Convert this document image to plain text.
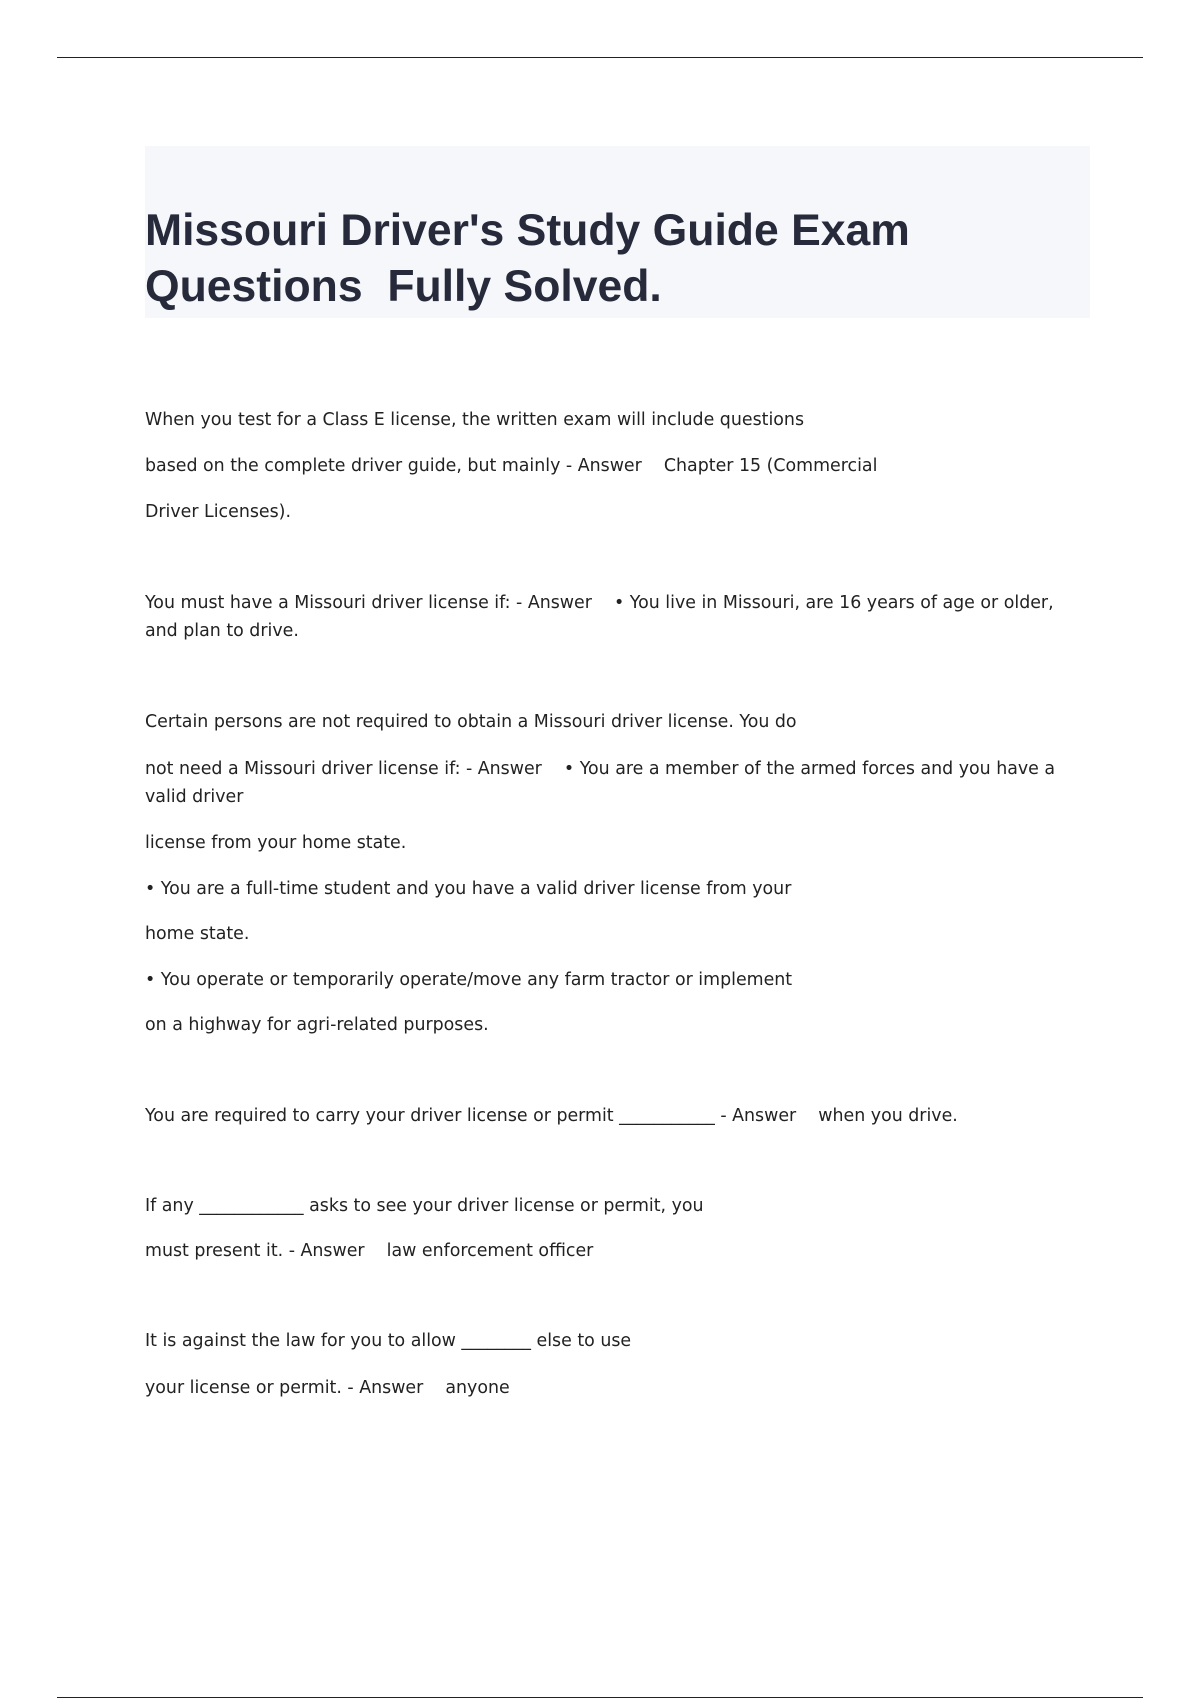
Missouri Driver's Study Guide Exam Questions  Fully Solved.

When you test for a Class E license, the written exam will include questions

based on the complete driver guide, but mainly - Answer    Chapter 15 (Commercial

Driver Licenses).

You must have a Missouri driver license if: - Answer    • You live in Missouri, are 16 years of age or older, and plan to drive.

Certain persons are not required to obtain a Missouri driver license. You do

not need a Missouri driver license if: - Answer    • You are a member of the armed forces and you have a valid driver

license from your home state.

• You are a full-time student and you have a valid driver license from your

home state.

• You operate or temporarily operate/move any farm tractor or implement

on a highway for agri-related purposes.

You are required to carry your driver license or permit ___________ - Answer    when you drive.

If any ____________ asks to see your driver license or permit, you

must present it. - Answer    law enforcement officer

It is against the law for you to allow ________ else to use

your license or permit. - Answer    anyone
